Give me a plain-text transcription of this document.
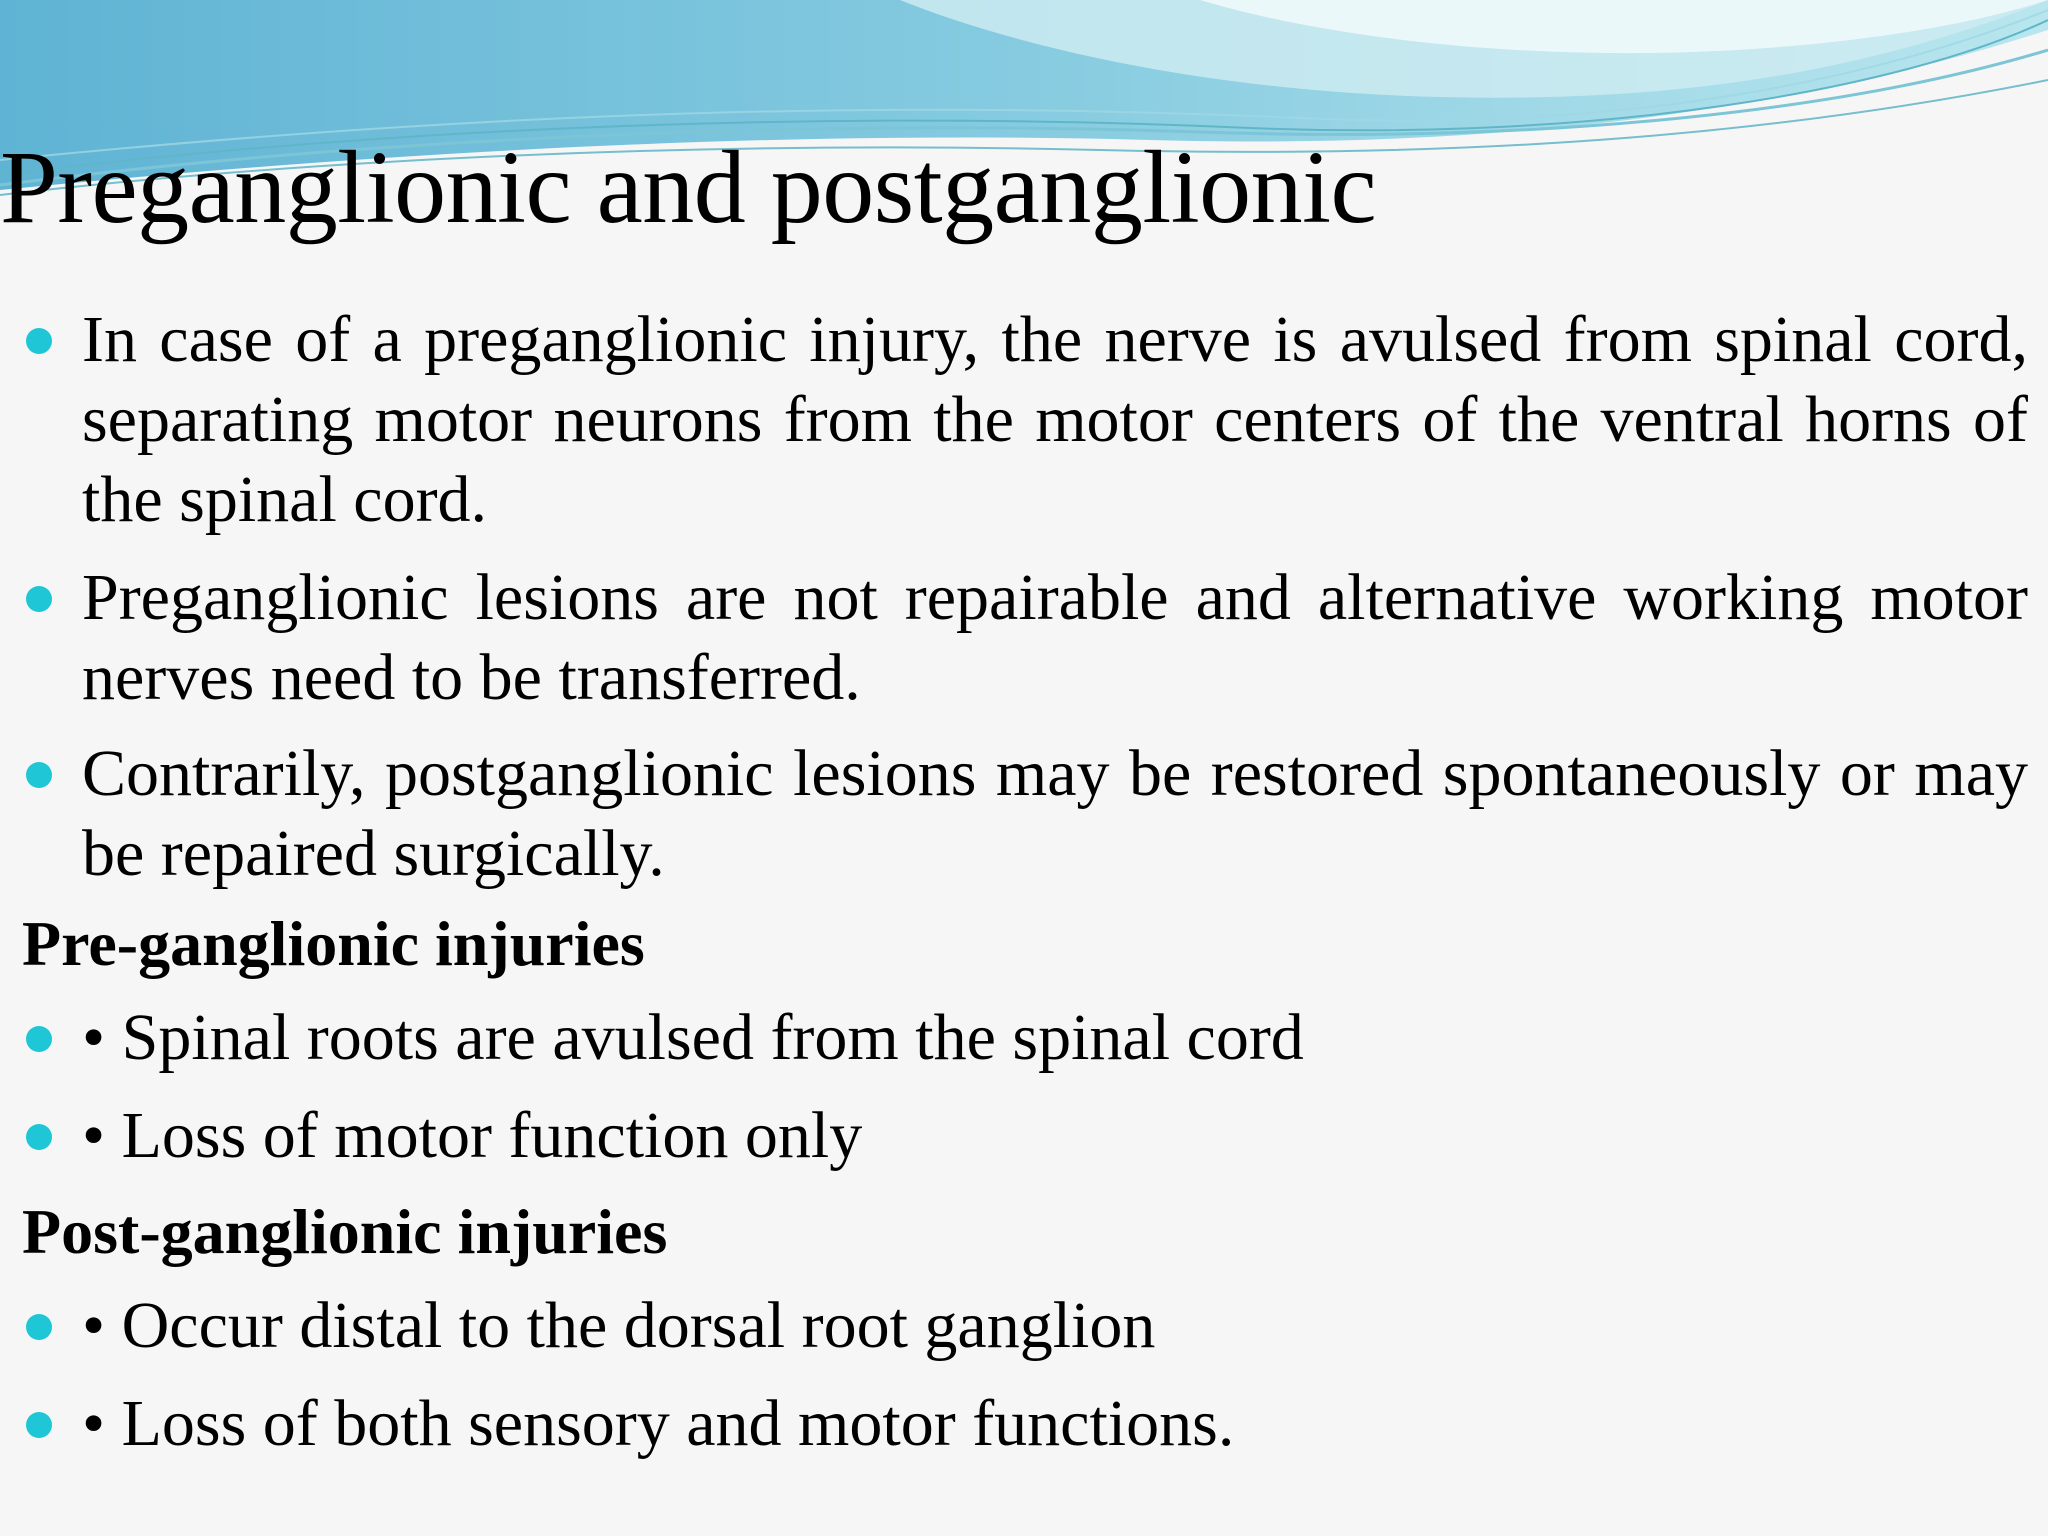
Preganglionic and postganglionic
In case of a preganglionic injury, the nerve is avulsed from spinal cord, separating motor neurons from the motor centers of the ventral horns of the spinal cord.
Preganglionic lesions are not repairable and alternative working motor nerves need to be transferred.
Contrarily, postganglionic lesions may be restored spontaneously or may be repaired surgically.
Pre-ganglionic injuries
• Spinal roots are avulsed from the spinal cord
• Loss of motor function only
Post-ganglionic injuries
• Occur distal to the dorsal root ganglion
• Loss of both sensory and motor functions.
